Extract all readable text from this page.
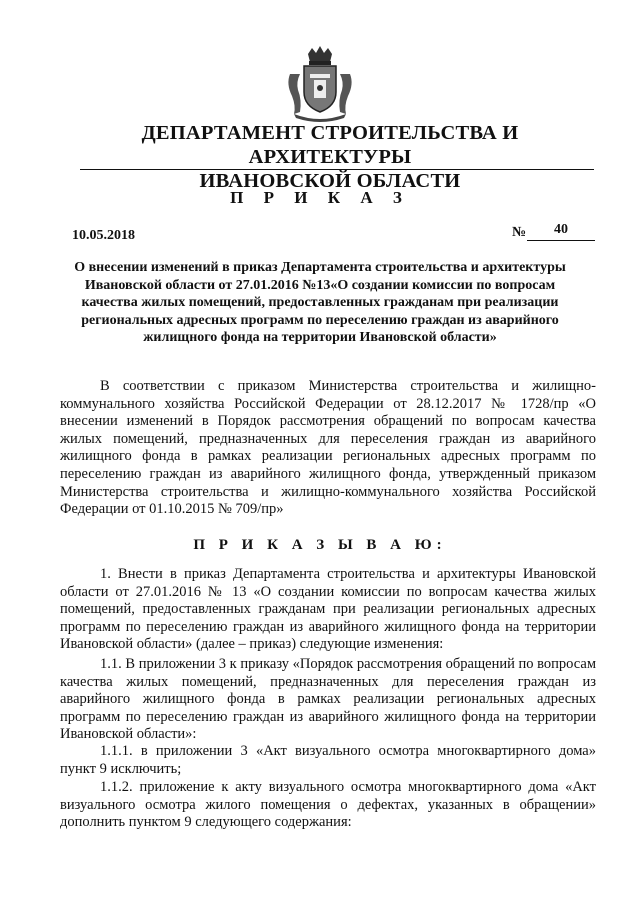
ДЕПАРТАМЕНТ СТРОИТЕЛЬСТВА И АРХИТЕКТУРЫ
ИВАНОВСКОЙ ОБЛАСТИ
П Р И К А З
10.05.2018	№	40
О внесении изменений в приказ Департамента строительства и архитектуры
Ивановской области от 27.01.2016 №13«О создании комиссии по вопросам
качества жилых помещений, предоставленных гражданам при реализации
региональных адресных программ по переселению граждан из аварийного
жилищного фонда на территории Ивановской области»

В соответствии с приказом Министерства строительства и жилищно-коммунального хозяйства Российской Федерации от 28.12.2017 № 1728/пр «О внесении изменений в Порядок рассмотрения обращений по вопросам качества жилых помещений, предназначенных для переселения граждан из аварийного жилищного фонда в рамках реализации региональных адресных программ по переселению граждан из аварийного жилищного фонда, утвержденный приказом Министерства строительства и жилищно-коммунального хозяйства Российской Федерации от 01.10.2015 № 709/пр»

П Р И К А З Ы В А Ю:

1. Внести в приказ Департамента строительства и архитектуры Ивановской области от 27.01.2016 № 13 «О создании комиссии по вопросам качества жилых помещений, предоставленных гражданам при реализации региональных адресных программ по переселению граждан из аварийного жилищного фонда на территории Ивановской области» (далее – приказ) следующие изменения:

1.1. В приложении 3 к приказу «Порядок рассмотрения обращений по вопросам качества жилых помещений, предназначенных для переселения граждан из аварийного жилищного фонда в рамках реализации региональных адресных программ по переселению граждан из аварийного жилищного фонда на территории Ивановской области»:

1.1.1. в приложении 3 «Акт визуального осмотра многоквартирного дома» пункт 9 исключить;

1.1.2. приложение к акту визуального осмотра многоквартирного дома «Акт визуального осмотра жилого помещения о дефектах, указанных в обращении» дополнить пунктом 9 следующего содержания:
